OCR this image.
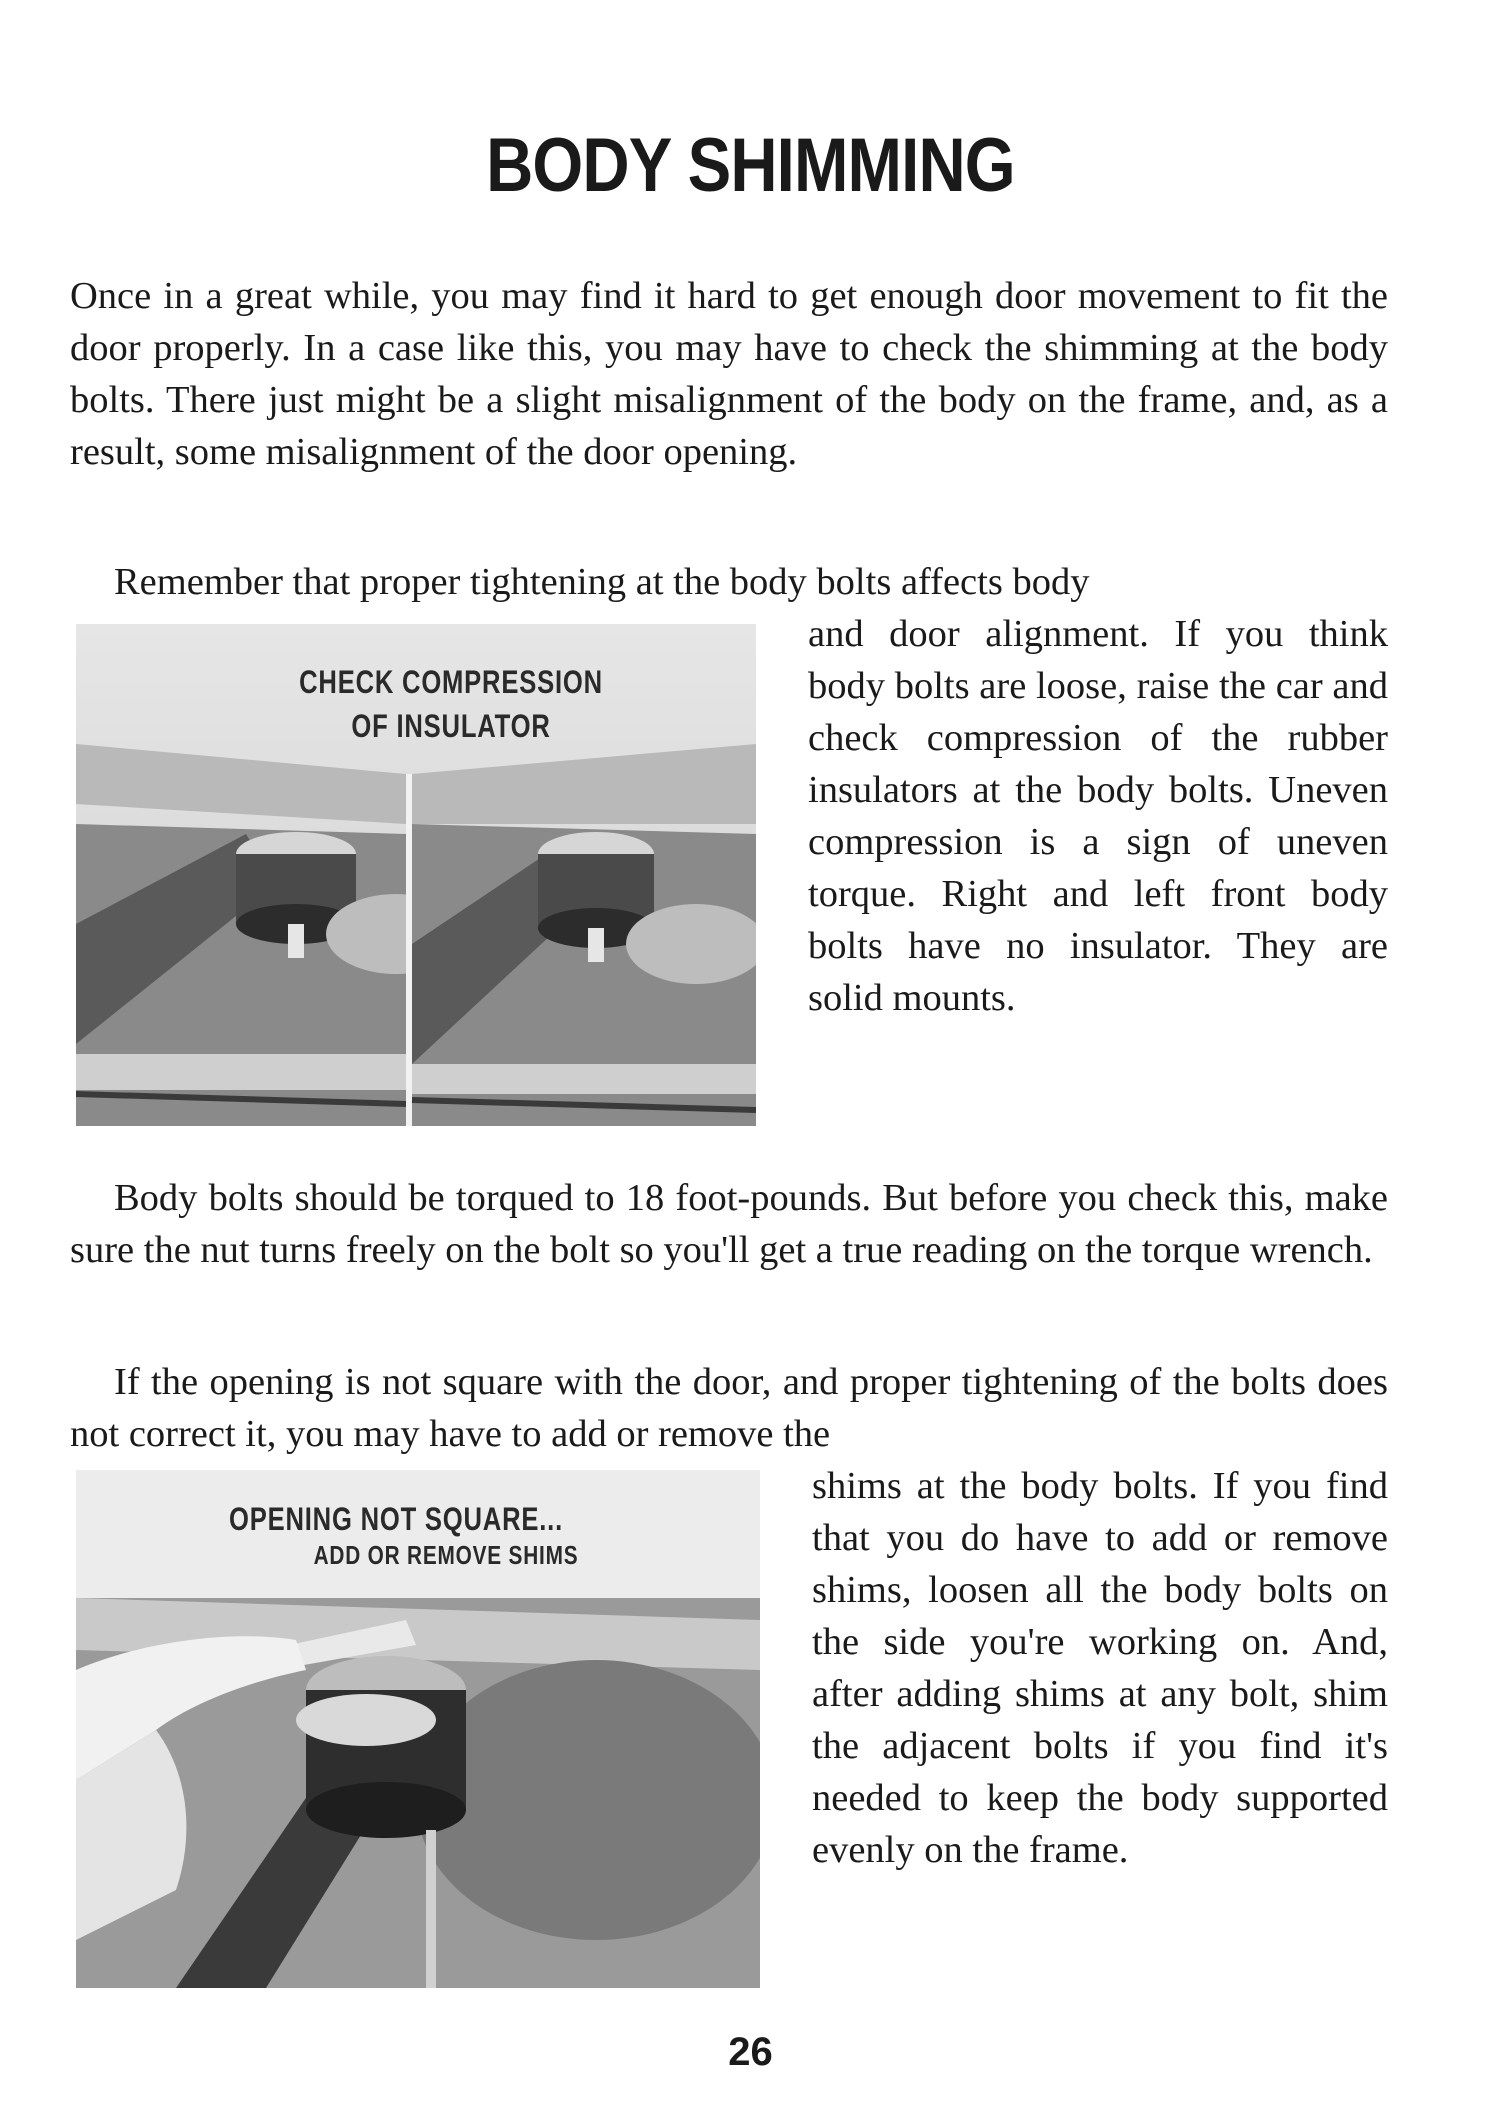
BODY SHIMMING

Once in a great while, you may find it hard to get enough door movement to fit the door properly. In a case like this, you may have to check the shimming at the body bolts. There just might be a slight misalignment of the body on the frame, and, as a result, some misalignment of the door opening.

Remember that proper tightening at the body bolts affects body

CHECK COMPRESSION
OF INSULATOR

and door alignment. If you think body bolts are loose, raise the car and check compression of the rubber insulators at the body bolts. Uneven compression is a sign of uneven torque. Right and left front body bolts have no insulator. They are solid mounts.

Body bolts should be torqued to 18 foot-pounds. But before you check this, make sure the nut turns freely on the bolt so you'll get a true reading on the torque wrench.

If the opening is not square with the door, and proper tightening of the bolts does not correct it, you may have to add or remove the

OPENING NOT SQUARE...
ADD OR REMOVE SHIMS

shims at the body bolts. If you find that you do have to add or remove shims, loosen all the body bolts on the side you're working on. And, after adding shims at any bolt, shim the adjacent bolts if you find it's needed to keep the body supported evenly on the frame.

26
